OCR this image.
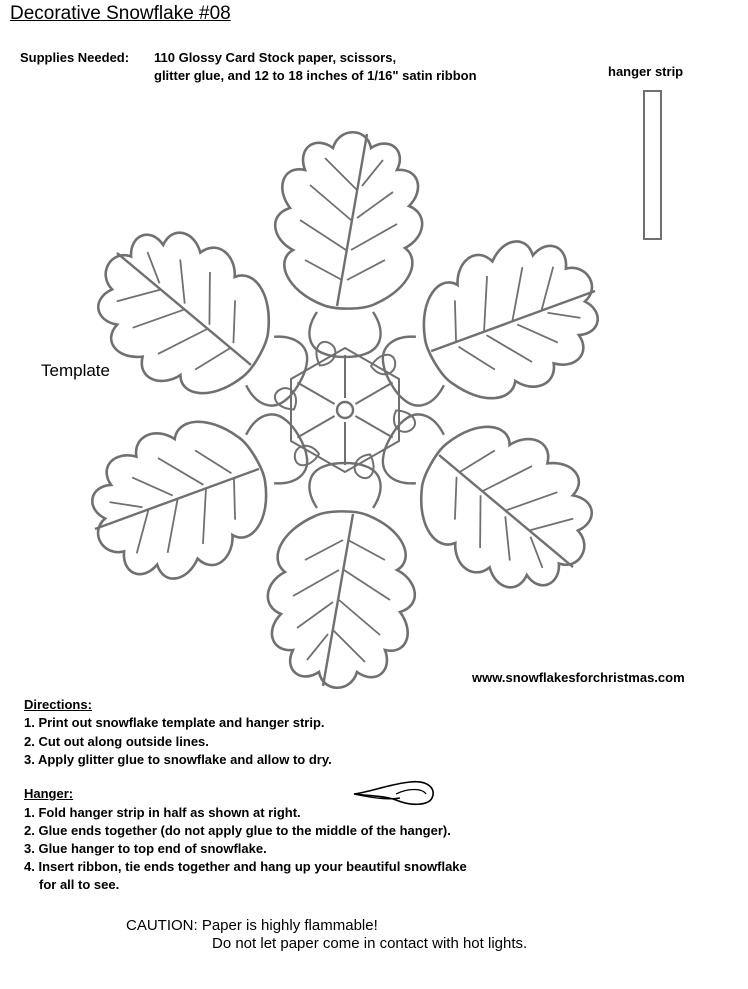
Decorative Snowflake #08
Supplies Needed: 110 Glossy Card Stock paper, scissors,
glitter glue, and 12 to 18 inches of 1/16" satin ribbon	hanger strip
Template
www.snowflakesforchristmas.com
Directions:
1. Print out snowflake template and hanger strip.
2. Cut out along outside lines.
3. Apply glitter glue to snowflake and allow to dry.
Hanger:
1. Fold hanger strip in half as shown at right.
2. Glue ends together (do not apply glue to the middle of the hanger).
3. Glue hanger to top end of snowflake.
4. Insert ribbon, tie ends together and hang up your beautiful snowflake
for all to see.
CAUTION: Paper is highly flammable!
Do not let paper come in contact with hot lights.
